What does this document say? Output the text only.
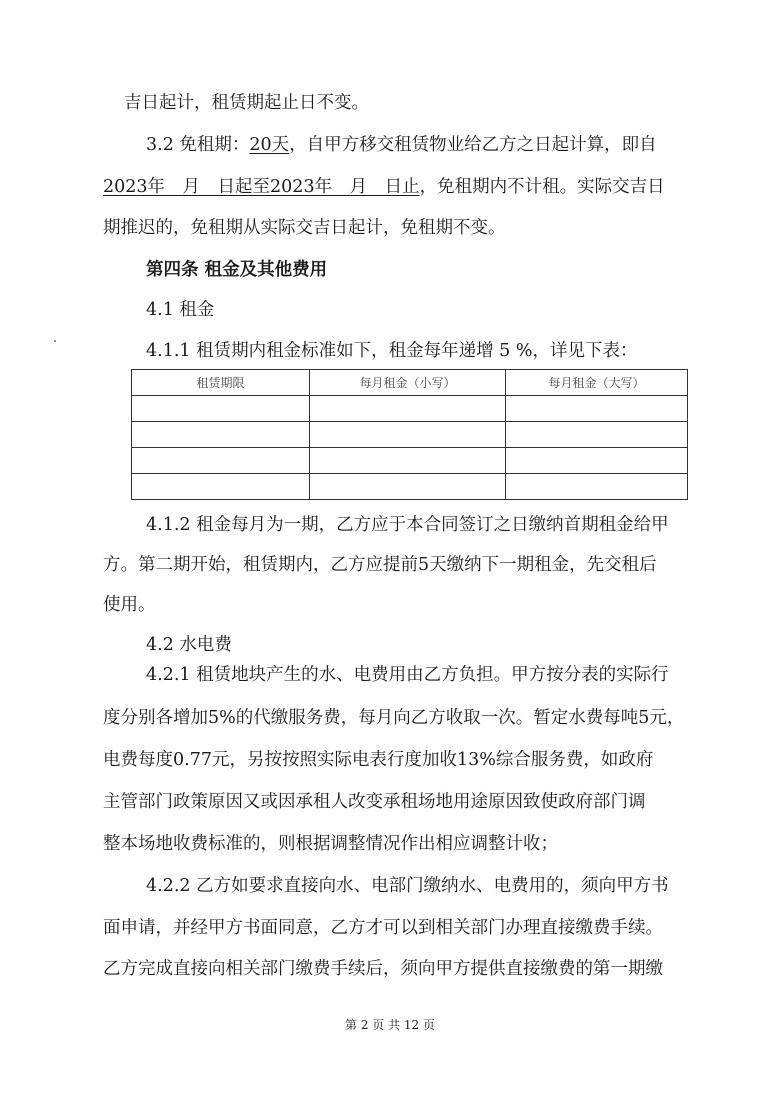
吉日起计，租赁期起止日不变。
3.2 免租期：20天，自甲方移交租赁物业给乙方之日起计算，即自
2023年　月　日起至2023年　月　日止，免租期内不计租。实际交吉日
期推迟的，免租期从实际交吉日起计，免租期不变。
第四条 租金及其他费用
4.1 租金
4.1.1 租赁期内租金标准如下，租金每年递增 5 %，详见下表：
租赁期限	每月租金（小写）	每月租金（大写）

4.1.2 租金每月为一期，乙方应于本合同签订之日缴纳首期租金给甲
方。第二期开始，租赁期内，乙方应提前5天缴纳下一期租金，先交租后
使用。
4.2 水电费
4.2.1 租赁地块产生的水、电费用由乙方负担。甲方按分表的实际行
度分别各增加5%的代缴服务费，每月向乙方收取一次。暂定水费每吨5元，
电费每度0.77元，另按按照实际电表行度加收13%综合服务费，如政府
主管部门政策原因又或因承租人改变承租场地用途原因致使政府部门调
整本场地收费标准的，则根据调整情况作出相应调整计收；
4.2.2 乙方如要求直接向水、电部门缴纳水、电费用的，须向甲方书
面申请，并经甲方书面同意，乙方才可以到相关部门办理直接缴费手续。
乙方完成直接向相关部门缴费手续后，须向甲方提供直接缴费的第一期缴
第 2 页 共 12 页
